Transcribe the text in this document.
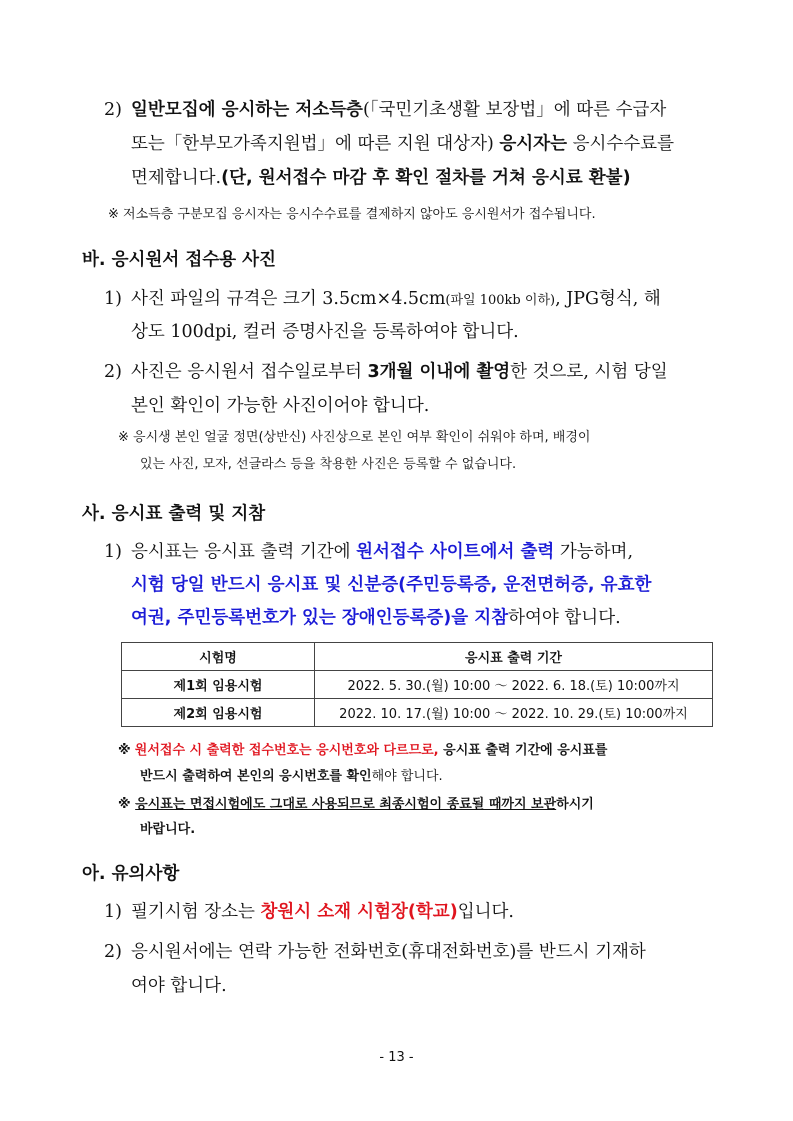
2) 일반모집에 응시하는 저소득층(「국민기초생활 보장법」에 따른 수급자
또는「한부모가족지원법」에 따른 지원 대상자) 응시자는 응시수수료를
면제합니다.(단, 원서접수 마감 후 확인 절차를 거쳐 응시료 환불)
※ 저소득층 구분모집 응시자는 응시수수료를 결제하지 않아도 응시원서가 접수됩니다.
바. 응시원서 접수용 사진
1) 사진 파일의 규격은 크기 3.5cm×4.5cm(파일 100kb 이하), JPG형식, 해
상도 100dpi, 컬러 증명사진을 등록하여야 합니다.
2) 사진은 응시원서 접수일로부터 3개월 이내에 촬영한 것으로, 시험 당일
본인 확인이 가능한 사진이어야 합니다.
※ 응시생 본인 얼굴 정면(상반신) 사진상으로 본인 여부 확인이 쉬워야 하며, 배경이
있는 사진, 모자, 선글라스 등을 착용한 사진은 등록할 수 없습니다.
사. 응시표 출력 및 지참
1) 응시표는 응시표 출력 기간에 원서접수 사이트에서 출력 가능하며,
시험 당일 반드시 응시표 및 신분증(주민등록증, 운전면허증, 유효한
여권, 주민등록번호가 있는 장애인등록증)을 지참하여야 합니다.
시험명	응시표 출력 기간
제1회 임용시험	2022. 5. 30.(월) 10:00 ～ 2022. 6. 18.(토) 10:00까지
제2회 임용시험	2022. 10. 17.(월) 10:00 ～ 2022. 10. 29.(토) 10:00까지
※ 원서접수 시 출력한 접수번호는 응시번호와 다르므로, 응시표 출력 기간에 응시표를
반드시 출력하여 본인의 응시번호를 확인해야 합니다.
※ 응시표는 면접시험에도 그대로 사용되므로 최종시험이 종료될 때까지 보관하시기
바랍니다.
아. 유의사항
1) 필기시험 장소는 창원시 소재 시험장(학교)입니다.
2) 응시원서에는 연락 가능한 전화번호(휴대전화번호)를 반드시 기재하
여야 합니다.
- 13 -
